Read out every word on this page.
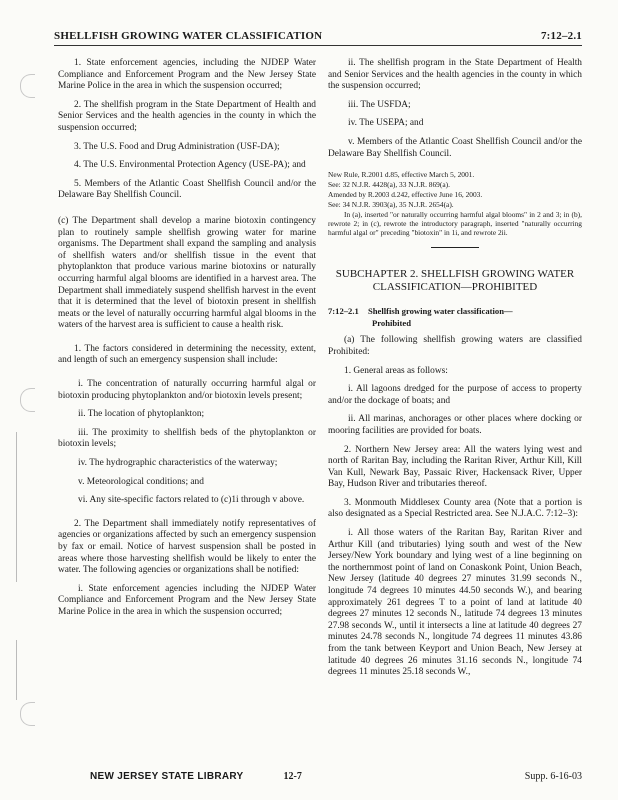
SHELLFISH GROWING WATER CLASSIFICATION	7:12–2.1

1. State enforcement agencies, including the NJDEP Water Compliance and Enforcement Program and the New Jersey State Marine Police in the area in which the suspension occurred;

2. The shellfish program in the State Department of Health and Senior Services and the health agencies in the county in which the suspension occurred;

3. The U.S. Food and Drug Administration (USF-DA);

4. The U.S. Environmental Protection Agency (USE-PA); and

5. Members of the Atlantic Coast Shellfish Council and/or the Delaware Bay Shellfish Council.

(c) The Department shall develop a marine biotoxin contingency plan to routinely sample shellfish growing water for marine organisms. The Department shall expand the sampling and analysis of shellfish waters and/or shellfish tissue in the event that phytoplankton that produce various marine biotoxins or naturally occurring harmful algal blooms are identified in a harvest area. The Department shall immediately suspend shellfish harvest in the event that it is determined that the level of biotoxin present in shellfish meats or the level of naturally occurring harmful algal blooms in the waters of the harvest area is sufficient to cause a health risk.

1. The factors considered in determining the necessity, extent, and length of such an emergency suspension shall include:

i. The concentration of naturally occurring harmful algal or biotoxin producing phytoplankton and/or biotoxin levels present;

ii. The location of phytoplankton;

iii. The proximity to shellfish beds of the phytoplankton or biotoxin levels;

iv. The hydrographic characteristics of the waterway;

v. Meteorological conditions; and

vi. Any site-specific factors related to (c)1i through v above.

2. The Department shall immediately notify representatives of agencies or organizations affected by such an emergency suspension by fax or email. Notice of harvest suspension shall be posted in areas where those harvesting shellfish would be likely to enter the water. The following agencies or organizations shall be notified:

i. State enforcement agencies including the NJDEP Water Compliance and Enforcement Program and the New Jersey State Marine Police in the area in which the suspension occurred;

ii. The shellfish program in the State Department of Health and Senior Services and the health agencies in the county in which the suspension occurred;

iii. The USFDA;

iv. The USEPA; and

v. Members of the Atlantic Coast Shellfish Council and/or the Delaware Bay Shellfish Council.

New Rule, R.2001 d.85, effective March 5, 2001.

See: 32 N.J.R. 4428(a), 33 N.J.R. 869(a).

Amended by R.2003 d.242, effective June 16, 2003.

See: 34 N.J.R. 3903(a), 35 N.J.R. 2654(a).

In (a), inserted "or naturally occurring harmful algal blooms" in 2 and 3; in (b), rewrote 2; in (c), rewrote the introductory paragraph, inserted "naturally occurring harmful algal or" preceding "biotoxin" in 1i, and rewrote 2ii.

SUBCHAPTER 2. SHELLFISH GROWING WATER
CLASSIFICATION—PROHIBITED

7:12–2.1 Shellfish growing water classification—
Prohibited

(a) The following shellfish growing waters are classified Prohibited:

1. General areas as follows:

i. All lagoons dredged for the purpose of access to property and/or the dockage of boats; and

ii. All marinas, anchorages or other places where docking or mooring facilities are provided for boats.

2. Northern New Jersey area: All the waters lying west and north of Raritan Bay, including the Raritan River, Arthur Kill, Kill Van Kull, Newark Bay, Passaic River, Hackensack River, Upper Bay, Hudson River and tributaries thereof.

3. Monmouth Middlesex County area (Note that a portion is also designated as a Special Restricted area. See N.J.A.C. 7:12–3):

i. All those waters of the Raritan Bay, Raritan River and Arthur Kill (and tributaries) lying south and west of the New Jersey/New York boundary and lying west of a line beginning on the northernmost point of land on Conaskonk Point, Union Beach, New Jersey (latitude 40 degrees 27 minutes 31.99 seconds N., longitude 74 degrees 10 minutes 44.50 seconds W.), and bearing approximately 261 degrees T to a point of land at latitude 40 degrees 27 minutes 12 seconds N., latitude 74 degrees 13 minutes 27.98 seconds W., until it intersects a line at latitude 40 degrees 27 minutes 24.78 seconds N., longitude 74 degrees 11 minutes 43.86 from the tank between Keyport and Union Beach, New Jersey at latitude 40 degrees 26 minutes 31.16 seconds N., longitude 74 degrees 11 minutes 25.18 seconds W.,

NEW JERSEY STATE LIBRARY	12-7	Supp. 6-16-03
